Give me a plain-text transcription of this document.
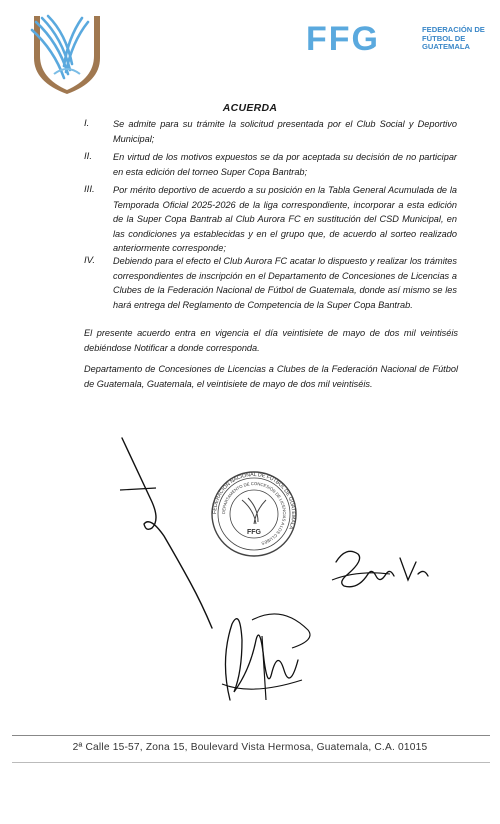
FFG	FEDERACIÓN DE
FÚTBOL DE
GUATEMALA
ACUERDA
I.	Se admite para su trámite la solicitud presentada por el Club Social y Deportivo Municipal;
II. En virtud de los motivos expuestos se da por aceptada su decisión de no participar en esta edición del torneo Super Copa Bantrab;
III. Por mérito deportivo de acuerdo a su posición en la Tabla General Acumulada de la Temporada Oficial 2025-2026 de la liga correspondiente, incorporar a esta edición de la Super Copa Bantrab al Club Aurora FC en sustitución del CSD Municipal, en las condiciones ya establecidas y en el grupo que, de acuerdo al sorteo realizado anteriormente corresponde;
IV. Debiendo para el efecto el Club Aurora FC acatar lo dispuesto y realizar los trámites correspondientes de inscripción en el Departamento de Concesiones de Licencias a Clubes de la Federación Nacional de Fútbol de Guatemala, donde así mismo se les hará entrega del Reglamento de Competencia de la Super Copa Bantrab.
El presente acuerdo entra en vigencia el día veintisiete de mayo de dos mil veintiséis debiéndose Notificar a donde corresponda.
Departamento de Concesiones de Licencias a Clubes de la Federación Nacional de Fútbol de Guatemala, Guatemala, el veintisiete de mayo de dos mil veintiséis.
FEDERACIÓN NACIONAL DE FÚTBOL DE GUATEMALA
DEPARTAMENTO DE CONCESIÓN DE LICENCIAS A LOS CLUBES
FFG
2ª Calle 15-57, Zona 15, Boulevard Vista Hermosa, Guatemala, C.A. 01015
